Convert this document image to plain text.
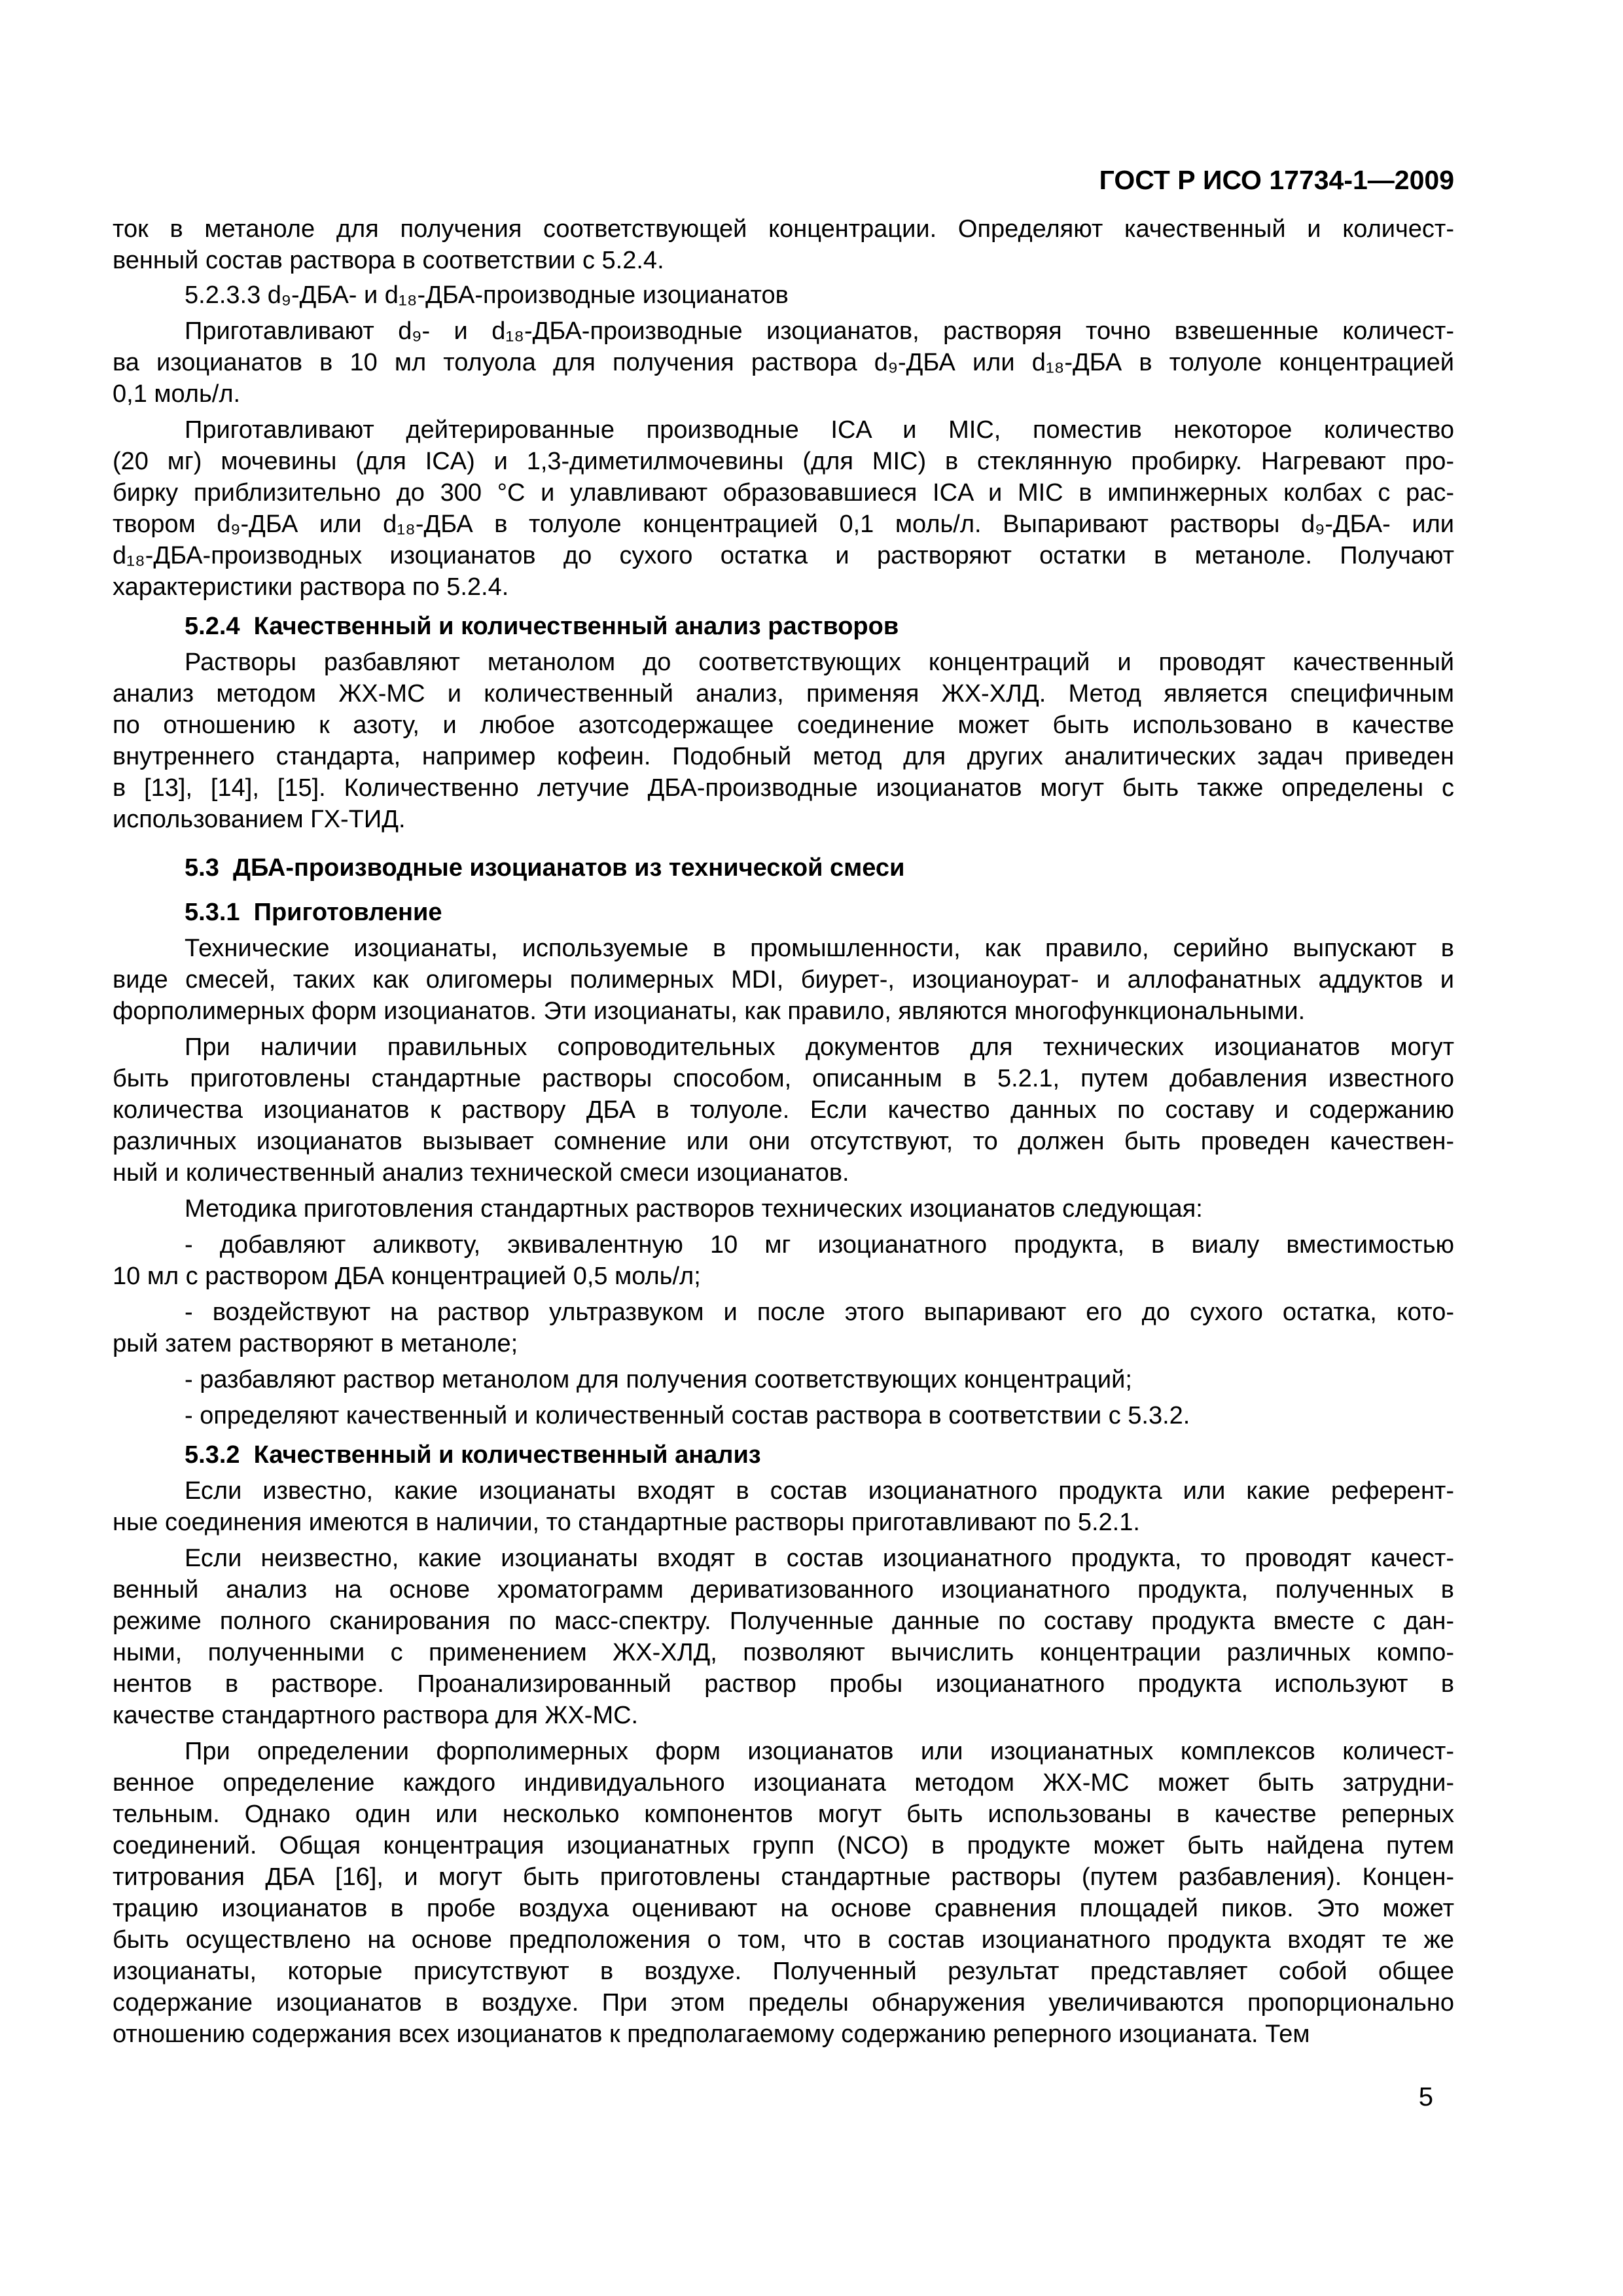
ГОСТ Р ИСО 17734-1—2009
ток в метаноле для получения соответствующей концентрации. Определяют качественный и количест-
венный состав раствора в соответствии с 5.2.4.
5.2.3.3 d₉-ДБА- и d₁₈-ДБА-производные изоцианатов
Приготавливают d₉- и d₁₈-ДБА-производные изоцианатов, растворяя точно взвешенные количест-
ва изоцианатов в 10 мл толуола для получения раствора d₉-ДБА или d₁₈-ДБА в толуоле концентрацией
0,1 моль/л.
Приготавливают дейтерированные производные ICA и MIC, поместив некоторое количество
(20 мг) мочевины (для ICA) и 1,3-диметилмочевины (для MIC) в стеклянную пробирку. Нагревают про-
бирку приблизительно до 300 °С и улавливают образовавшиеся ICA и MIC в импинжерных колбах с рас-
твором d₉-ДБА или d₁₈-ДБА в толуоле концентрацией 0,1 моль/л. Выпаривают растворы d₉-ДБА- или
d₁₈-ДБА-производных изоцианатов до сухого остатка и растворяют остатки в метаноле. Получают
характеристики раствора по 5.2.4.
5.2.4  Качественный и количественный анализ растворов
Растворы разбавляют метанолом до соответствующих концентраций и проводят качественный
анализ методом ЖХ-МС и количественный анализ, применяя ЖХ-ХЛД. Метод является специфичным
по отношению к азоту, и любое азотсодержащее соединение может быть использовано в качестве
внутреннего стандарта, например кофеин. Подобный метод для других аналитических задач приведен
в [13], [14], [15]. Количественно летучие ДБА-производные изоцианатов могут быть также определены с
использованием ГХ-ТИД.
5.3  ДБА-производные изоцианатов из технической смеси
5.3.1  Приготовление
Технические изоцианаты, используемые в промышленности, как правило, серийно выпускают в
виде смесей, таких как олигомеры полимерных MDI, биурет-, изоцианоурат- и аллофанатных аддуктов и
форполимерных форм изоцианатов. Эти изоцианаты, как правило, являются многофункциональными.
При наличии правильных сопроводительных документов для технических изоцианатов могут
быть приготовлены стандартные растворы способом, описанным в 5.2.1, путем добавления известного
количества изоцианатов к раствору ДБА в толуоле. Если качество данных по составу и содержанию
различных изоцианатов вызывает сомнение или они отсутствуют, то должен быть проведен качествен-
ный и количественный анализ технической смеси изоцианатов.
Методика приготовления стандартных растворов технических изоцианатов следующая:
- добавляют аликвоту, эквивалентную 10 мг изоцианатного продукта, в виалу вместимостью
10 мл с раствором ДБА концентрацией 0,5 моль/л;
- воздействуют на раствор ультразвуком и после этого выпаривают его до сухого остатка, кото-
рый затем растворяют в метаноле;
- разбавляют раствор метанолом для получения соответствующих концентраций;
- определяют качественный и количественный состав раствора в соответствии с 5.3.2.
5.3.2  Качественный и количественный анализ
Если известно, какие изоцианаты входят в состав изоцианатного продукта или какие референт-
ные соединения имеются в наличии, то стандартные растворы приготавливают по 5.2.1.
Если неизвестно, какие изоцианаты входят в состав изоцианатного продукта, то проводят качест-
венный анализ на основе хроматограмм дериватизованного изоцианатного продукта, полученных в
режиме полного сканирования по масс-спектру. Полученные данные по составу продукта вместе с дан-
ными, полученными с применением ЖХ-ХЛД, позволяют вычислить концентрации различных компо-
нентов в растворе. Проанализированный раствор пробы изоцианатного продукта используют в
качестве стандартного раствора для ЖХ-МС.
При определении форполимерных форм изоцианатов или изоцианатных комплексов количест-
венное определение каждого индивидуального изоцианата методом ЖХ-МС может быть затрудни-
тельным. Однако один или несколько компонентов могут быть использованы в качестве реперных
соединений. Общая концентрация изоцианатных групп (NCO) в продукте может быть найдена путем
титрования ДБА [16], и могут быть приготовлены стандартные растворы (путем разбавления). Концен-
трацию изоцианатов в пробе воздуха оценивают на основе сравнения площадей пиков. Это может
быть осуществлено на основе предположения о том, что в состав изоцианатного продукта входят те же
изоцианаты, которые присутствуют в воздухе. Полученный результат представляет собой общее
содержание изоцианатов в воздухе. При этом пределы обнаружения увеличиваются пропорционально
отношению содержания всех изоцианатов к предполагаемому содержанию реперного изоцианата. Тем
5
